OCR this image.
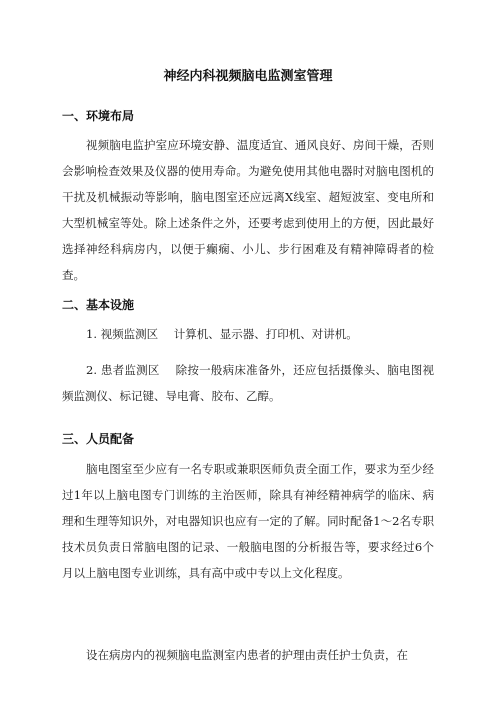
神经内科视频脑电监测室管理
一、环境布局
视频脑电监护室应环境安静、温度适宜、通风良好、房间干燥，否则会影响检查效果及仪器的使用寿命。为避免使用其他电器时对脑电图机的干扰及机械振动等影响，脑电图室还应远离X线室、超短波室、变电所和大型机械室等处。除上述条件之外，还要考虑到使用上的方便，因此最好选择神经科病房内，以便于癫痫、小儿、步行困难及有精神障碍者的检查。
二、基本设施
1. 视频监测区 计算机、显示器、打印机、对讲机。
2. 患者监测区 除按一般病床准备外，还应包括摄像头、脑电图视频监测仪、标记键、导电膏、胶布、乙醇。
三、人员配备
脑电图室至少应有一名专职或兼职医师负责全面工作，要求为至少经过1年以上脑电图专门训练的主治医师，除具有神经精神病学的临床、病理和生理等知识外，对电器知识也应有一定的了解。同时配备1～2名专职技术员负责日常脑电图的记录、一般脑电图的分析报告等，要求经过6个月以上脑电图专业训练，具有高中或中专以上文化程度。
设在病房内的视频脑电监测室内患者的护理由责任护士负责，在
